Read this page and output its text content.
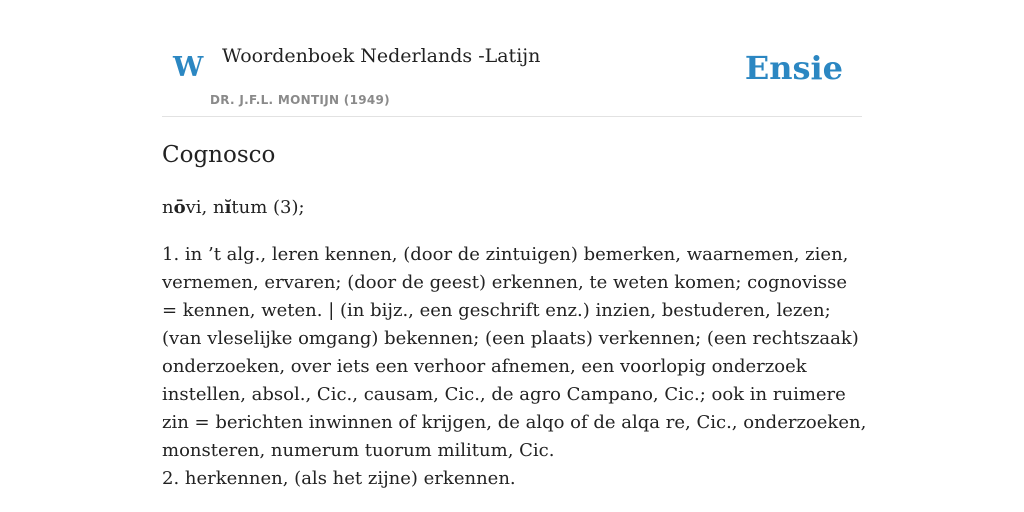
W Woordenboek Nederlands -Latijn
DR. J.F.L. MONTIJN (1949)
Ensie
Cognosco

nōvi, nĭtum (3);

1. in ’t alg., leren kennen, (door de zintuigen) bemerken, waarnemen, zien, vernemen, ervaren; (door de geest) erkennen, te weten komen; cognovisse = kennen, weten. | (in bijz., een geschrift enz.) inzien, bestuderen, lezen; (van vleselijke omgang) bekennen; (een plaats) verkennen; (een rechtszaak) onderzoeken, over iets een verhoor afnemen, een voorlopig onderzoek instellen, absol., Cic., causam, Cic., de agro Campano, Cic.; ook in ruimere zin = berichten inwinnen of krijgen, de alqo of de alqa re, Cic., onderzoeken, monsteren, numerum tuorum militum, Cic.

2. herkennen, (als het zijne) erkennen.
